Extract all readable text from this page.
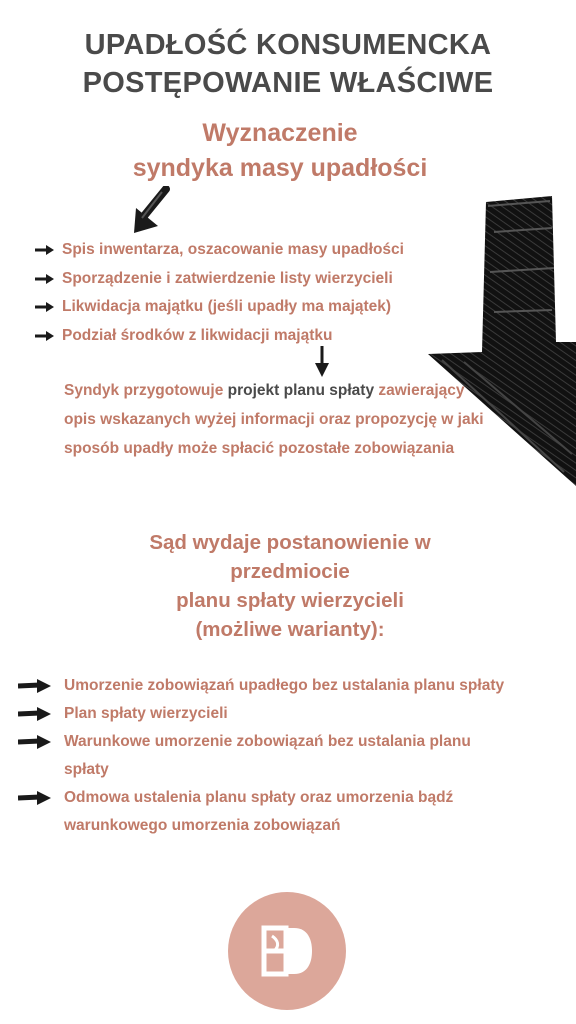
UPADŁOŚĆ KONSUMENCKA
POSTĘPOWANIE WŁAŚCIWE
Wyznaczenie
syndyka masy upadłości
Spis inwentarza, oszacowanie masy upadłości
Sporządzenie i zatwierdzenie listy wierzycieli
Likwidacja majątku (jeśli upadły ma majątek)
Podział środków z likwidacji majątku
Syndyk przygotowuje projekt planu spłaty zawierający opis wskazanych wyżej informacji oraz propozycję w jaki sposób upadły może spłacić pozostałe zobowiązania
Sąd wydaje postanowienie w
przedmiocie
planu spłaty wierzycieli
(możliwe warianty):
Umorzenie zobowiązań upadłego bez ustalania planu spłaty
Plan spłaty wierzycieli
Warunkowe umorzenie zobowiązań bez ustalania planu spłaty
Odmowa ustalenia planu spłaty oraz umorzenia bądź warunkowego umorzenia zobowiązań
